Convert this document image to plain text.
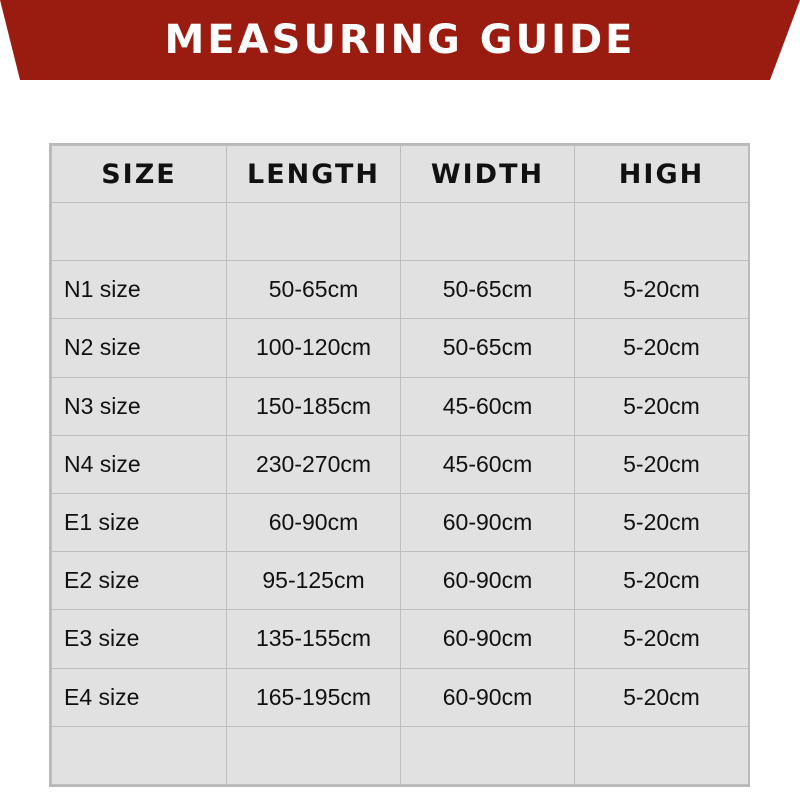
MEASURING GUIDE
SIZE	LENGTH	WIDTH	HIGH

N1 size	50-65cm	50-65cm	5-20cm
N2 size	100-120cm	50-65cm	5-20cm
N3 size	150-185cm	45-60cm	5-20cm
N4 size	230-270cm	45-60cm	5-20cm
E1 size	60-90cm	60-90cm	5-20cm
E2 size	95-125cm	60-90cm	5-20cm
E3 size	135-155cm	60-90cm	5-20cm
E4 size	165-195cm	60-90cm	5-20cm
